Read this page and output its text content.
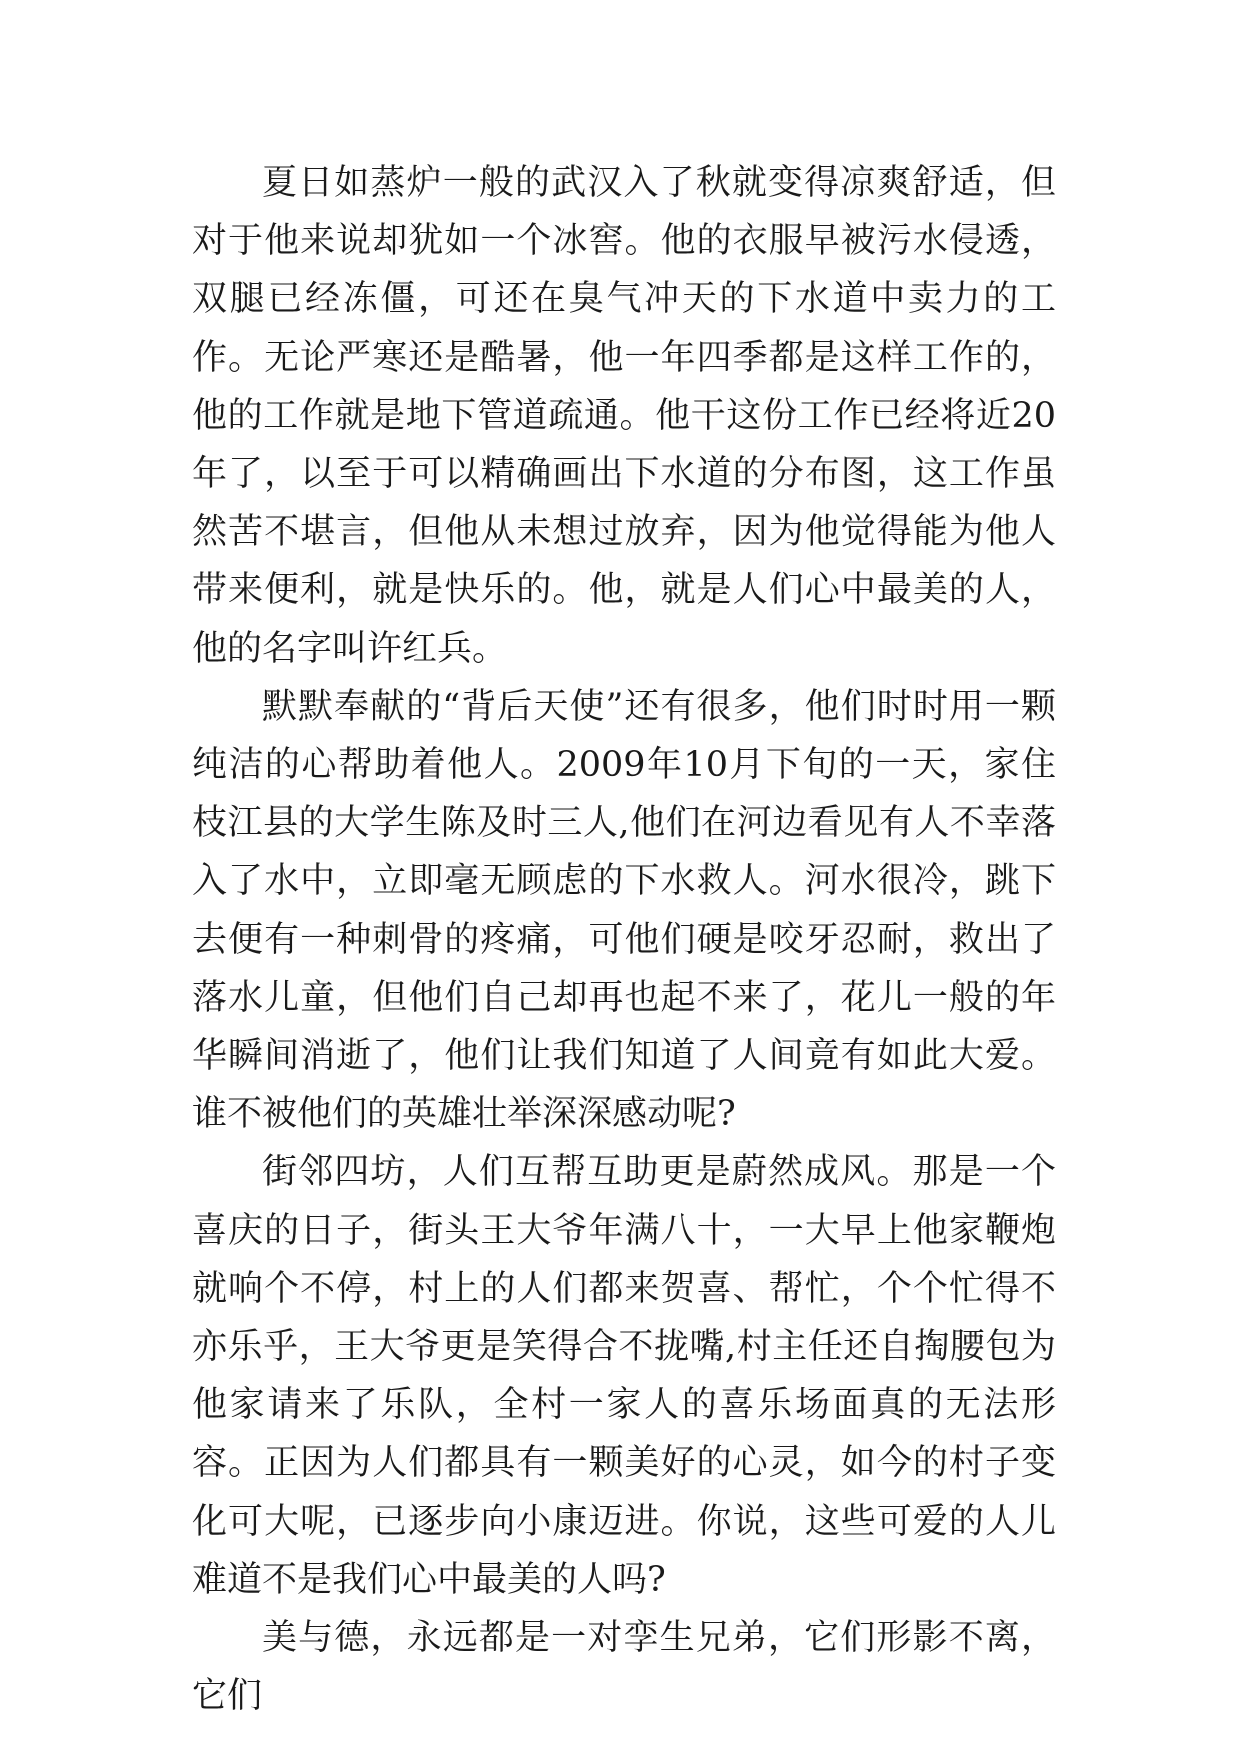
夏日如蒸炉一般的武汉入了秋就变得凉爽舒适，但对于他来说却犹如一个冰窖。他的衣服早被污水侵透，双腿已经冻僵，可还在臭气冲天的下水道中卖力的工作。无论严寒还是酷暑，他一年四季都是这样工作的，他的工作就是地下管道疏通。他干这份工作已经将近20年了，以至于可以精确画出下水道的分布图，这工作虽然苦不堪言，但他从未想过放弃，因为他觉得能为他人带来便利，就是快乐的。他，就是人们心中最美的人，他的名字叫许红兵。

默默奉献的“背后天使”还有很多，他们时时用一颗纯洁的心帮助着他人。2009年10月下旬的一天，家住枝江县的大学生陈及时三人,他们在河边看见有人不幸落入了水中，立即毫无顾虑的下水救人。河水很冷，跳下去便有一种刺骨的疼痛，可他们硬是咬牙忍耐，救出了落水儿童，但他们自己却再也起不来了，花儿一般的年华瞬间消逝了，他们让我们知道了人间竟有如此大爱。谁不被他们的英雄壮举深深感动呢?

街邻四坊，人们互帮互助更是蔚然成风。那是一个喜庆的日子，街头王大爷年满八十，一大早上他家鞭炮就响个不停，村上的人们都来贺喜、帮忙，个个忙得不亦乐乎，王大爷更是笑得合不拢嘴,村主任还自掏腰包为他家请来了乐队，全村一家人的喜乐场面真的无法形容。正因为人们都具有一颗美好的心灵，如今的村子变化可大呢，已逐步向小康迈进。你说，这些可爱的人儿难道不是我们心中最美的人吗?

美与德，永远都是一对孪生兄弟，它们形影不离，它们
